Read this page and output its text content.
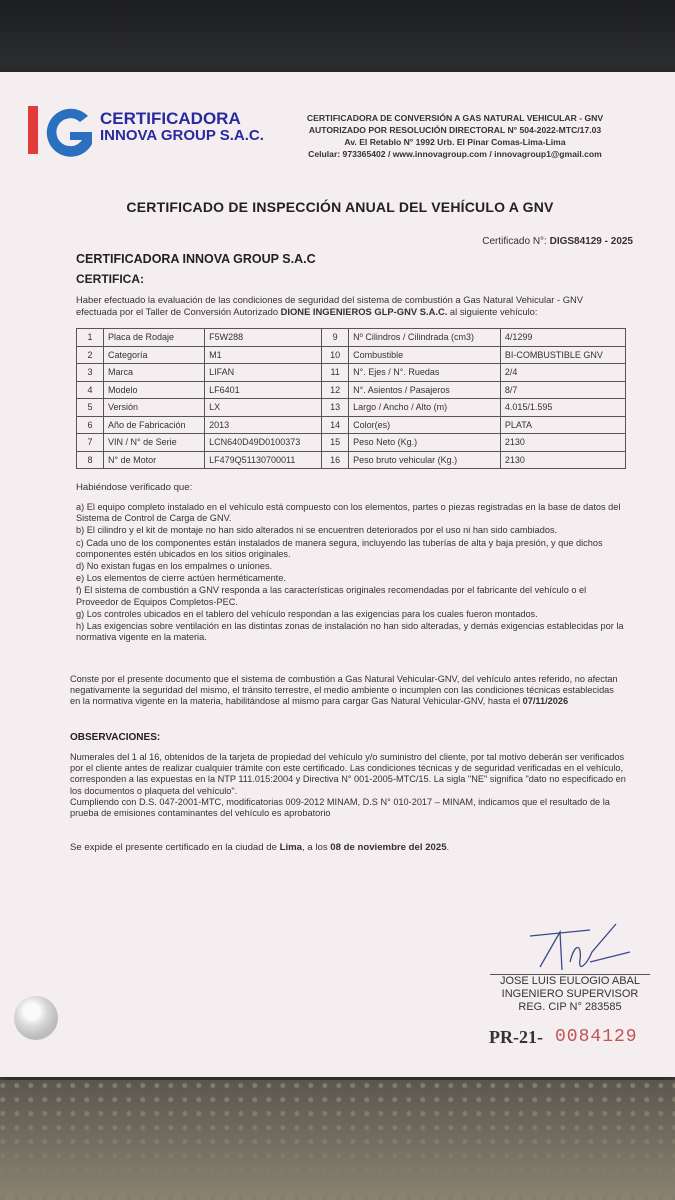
CERTIFICADORA
INNOVA GROUP S.A.C.
CERTIFICADORA DE CONVERSIÓN A GAS NATURAL VEHICULAR - GNV
AUTORIZADO POR RESOLUCIÓN DIRECTORAL N° 504-2022-MTC/17.03
Av. El Retablo N° 1992 Urb. El Pinar Comas-Lima-Lima
Celular: 973365402 / www.innovagroup.com / innovagroup1@gmail.com
CERTIFICADO DE INSPECCIÓN ANUAL DEL VEHÍCULO A GNV
Certificado N°: DIGS84129 - 2025
CERTIFICADORA INNOVA GROUP S.A.C
CERTIFICA:
Haber efectuado la evaluación de las condiciones de seguridad del sistema de combustión a Gas Natural Vehicular - GNV efectuada por el Taller de Conversión Autorizado DIONE INGENIEROS GLP-GNV S.A.C. al siguiente vehículo:
1	Placa de Rodaje	F5W288	9	Nº Cilindros / Cilindrada (cm3)	4/1299
2	Categoría	M1	10	Combustible	BI-COMBUSTIBLE GNV
3	Marca	LIFAN	11	N°. Ejes / N°. Ruedas	2/4
4	Modelo	LF6401	12	N°. Asientos / Pasajeros	8/7
5	Versión	LX	13	Largo / Ancho / Alto (m)	4.015/1.595
6	Año de Fabricación	2013	14	Color(es)	PLATA
7	VIN / N° de Serie	LCN640D49D0100373	15	Peso Neto (Kg.)	2130
8	N° de Motor	LF479Q51130700011	16	Peso bruto vehicular (Kg.)	2130
Habiéndose verificado que:

a) El equipo completo instalado en el vehículo está compuesto con los elementos, partes o piezas registradas en la base de datos del Sistema de Control de Carga de GNV.

b) El cilindro y el kit de montaje no han sido alterados ni se encuentren deteriorados por el uso ni han sido cambiados.

c) Cada uno de los componentes están instalados de manera segura, incluyendo las tuberías de alta y baja presión, y que dichos componentes estén ubicados en los sitios originales.

d) No existan fugas en los empalmes o uniones.

e) Los elementos de cierre actúen herméticamente.

f) El sistema de combustión a GNV responda a las características originales recomendadas por el fabricante del vehículo o el Proveedor de Equipos Completos-PEC.

g) Los controles ubicados en el tablero del vehículo respondan a las exigencias para los cuales fueron montados.

h) Las exigencias sobre ventilación en las distintas zonas de instalación no han sido alteradas, y demás exigencias establecidas por la normativa vigente en la materia.

Conste por el presente documento que el sistema de combustión a Gas Natural Vehicular-GNV, del vehículo antes referido, no afectan negativamente la seguridad del mismo, el tránsito terrestre, el medio ambiente o incumplen con las condiciones técnicas establecidas en la normativa vigente en la materia, habilitándose al mismo para cargar Gas Natural Vehicular-GNV, hasta el 07/11/2026
OBSERVACIONES:
Numerales del 1 al 16, obtenidos de la tarjeta de propiedad del vehículo y/o suministro del cliente, por tal motivo deberán ser verificados por el cliente antes de realizar cualquier trámite con este certificado. Las condiciones técnicas y de seguridad verificadas en el vehículo, corresponden a las expuestas en la NTP 111.015:2004 y Directiva N° 001-2005-MTC/15. La sigla "NE" significa "dato no especificado en los documentos o plaqueta del vehículo".
Cumpliendo con D.S. 047-2001-MTC, modificatorias 009-2012 MINAM, D.S N° 010-2017 – MINAM, indicamos que el resultado de la prueba de emisiones contaminantes del vehículo es aprobatorio
Se expide el presente certificado en la ciudad de Lima, a los 08 de noviembre del 2025.
JOSE LUIS EULOGIO ABAL
INGENIERO SUPERVISOR
REG. CIP N° 283585
PR-21- 0084129
